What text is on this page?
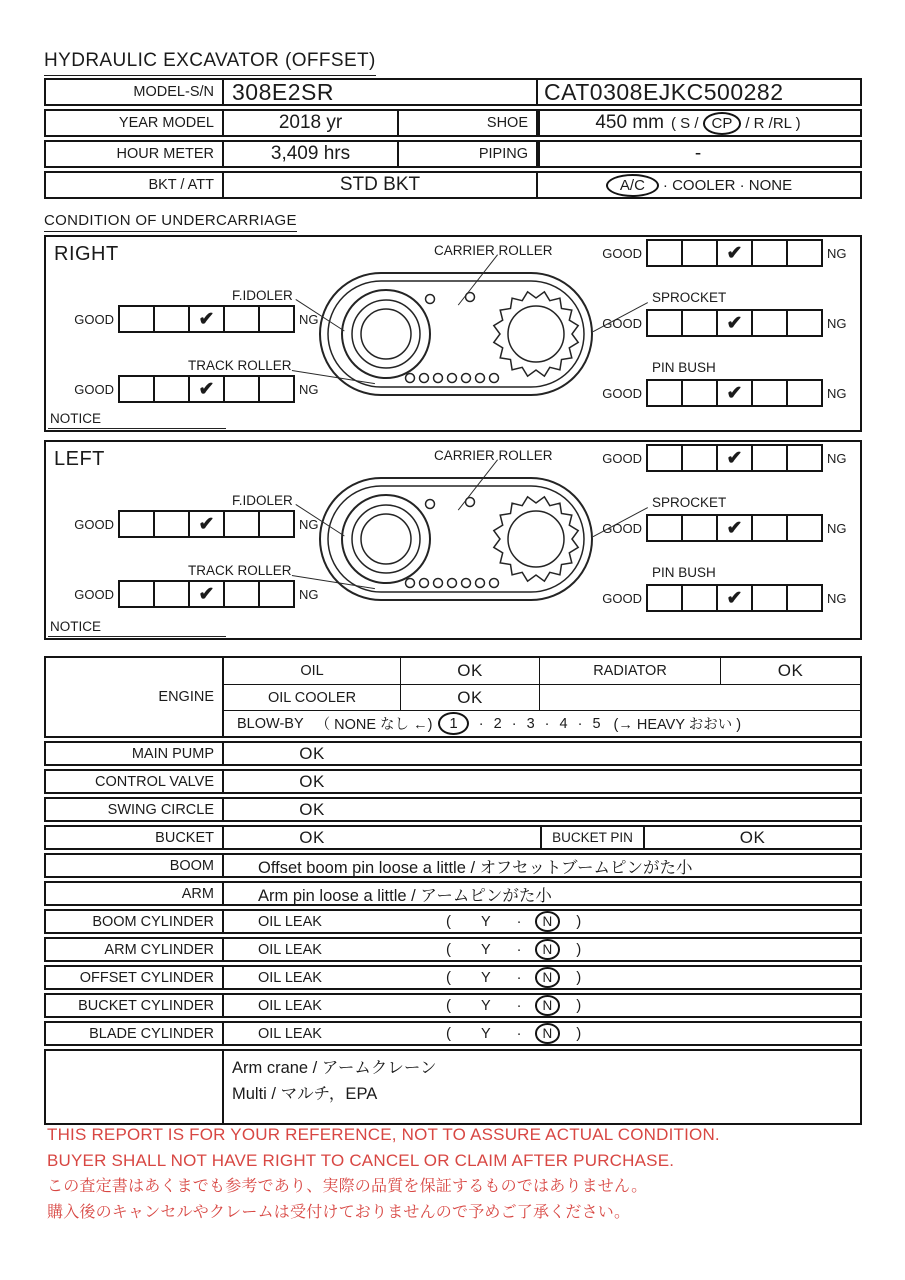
HYDRAULIC EXCAVATOR (OFFSET)
MODEL-S/N 308E2SR	CAT0308EJKC500282
YEAR MODEL	2018 yr	SHOE	450 mm ( S / CP / R /RL )
HOUR METER	3,409 hrs	PIPING	-
BKT / ATT	STD BKT	A/C	· COOLER · NONE
CONDITION OF UNDERCARRIAGE
RIGHT	CARRIER ROLLER	GOOD	✔	NG
F.IDOLER
GOOD	✔	NG
SPROCKET
GOOD	✔	NG
TRACK ROLLER
GOOD	✔	NG
PIN BUSH
GOOD	✔	NG
NOTICE
LEFT	CARRIER ROLLER	GOOD	✔	NG
F.IDOLER
GOOD	✔	NG
SPROCKET
GOOD	✔	NG
TRACK ROLLER
GOOD	✔	NG
PIN BUSH
GOOD	✔	NG
NOTICE
ENGINE
OIL	OK	RADIATOR	OK
OIL COOLER	OK
BLOW-BY （ NONE なし ←)	1	· 2 · 3 · 4 · 5 (→ HEAVY おおい )
MAIN PUMP	OK
CONTROL VALVE	OK
SWING CIRCLE	OK
BUCKET	OK	BUCKET PIN	OK
BOOM	Offset boom pin loose a little / オフセットブームピンがた小
ARM	Arm pin loose a little / アームピンがた小
BOOM CYLINDER	OIL LEAK	( Y ·	N	)
ARM CYLINDER	OIL LEAK	( Y ·	N	)
OFFSET CYLINDER	OIL LEAK	( Y ·	N	)
BUCKET CYLINDER	OIL LEAK	( Y ·	N	)
BLADE CYLINDER	OIL LEAK	( Y ·	N	)
Arm crane / アームクレーン
Multi / マルチ，EPA
THIS REPORT IS FOR YOUR REFERENCE, NOT TO ASSURE ACTUAL CONDITION.
BUYER SHALL NOT HAVE RIGHT TO CANCEL OR CLAIM AFTER PURCHASE.
この査定書はあくまでも参考であり、実際の品質を保証するものではありません。
購入後のキャンセルやクレームは受付けておりませんので予めご了承ください。
